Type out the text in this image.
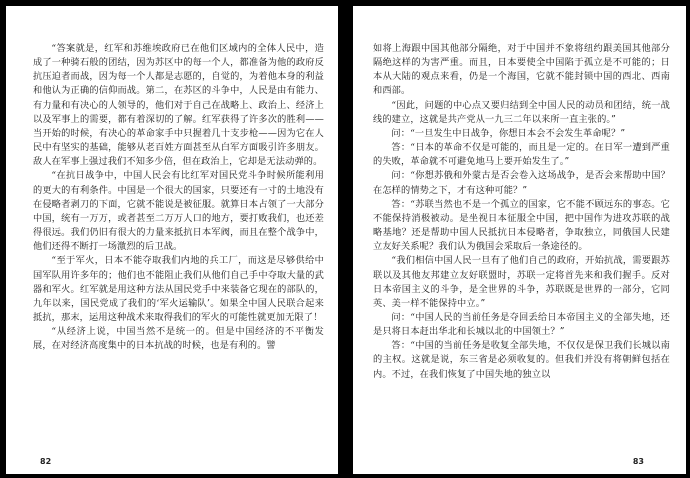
“答案就是，红军和苏维埃政府已在他们区域内的全体人民中，造成了一种骑石般的团结，因为苏区中的每一个人，都准备为他的政府反抗压迫者而战，因为每一个人都是志愿的，自觉的，为着他本身的利益和他认为正确的信仰而战。第二，在苏区的斗争中，人民是由有能力、有力量和有决心的人领导的，他们对于自己在战略上、政治上、经济上以及军事上的需要，都有着深切的了解。红军获得了许多次的胜利——当开始的时候，有决心的革命家手中只握着几十支步枪——因为它在人民中有坚实的基础，能够从老百姓方面甚至从白军方面吸引许多朋友。敌人在军事上强过我们不知多少倍，但在政治上，它却是无法动弹的。

“在抗日战争中，中国人民会有比红军对国民党斗争时候所能利用的更大的有利条件。中国是一个很大的国家，只要还有一寸的土地没有在侵略者剥刀的下面，它就不能说是被征服。就算日本占领了一大部分中国，统有一万万，或者甚至二万万人口的地方，要打败我们，也还差得很远。我们仍旧有很大的力量来抵抗日本军阀，而且在整个战争中，他们还得不断打一场激烈的后卫战。

“至于军火，日本不能夺取我们内地的兵工厂，而这是尽够供给中国军队用许多年的；他们也不能阻止我们从他们自己手中夺取大量的武器和军火。红军就是用这种方法从国民党手中来装备它现在的部队的，九年以来，国民党成了我们的‘军火运输队’。如果全中国人民联合起来抵抗，那末，运用这种战术来取得我们的军火的可能性就更加无限了！

“从经济上说，中国当然不是统一的。但是中国经济的不平衡发展，在对经济高度集中的日本抗战的时候，也是有利的。譬

82

如将上海跟中国其他部分隔绝，对于中国并不象将纽约跟美国其他部分隔绝这样的为害严重。而且，日本要使全中国陷于孤立是不可能的；日本从大陆的观点来看，仍是一个海国，它就不能封锁中国的西北、西南和西部。

“因此，问题的中心点又要归结到全中国人民的动员和团结，统一战线的建立，这就是共产党从一九三二年以来所一直主张的。”

问：“一旦发生中日战争，你想日本会不会发生革命呢？”

答：“日本的革命不仅是可能的，而且是一定的。在日军一遭到严重的失败，革命就不可避免地马上要开始发生了。”

问：“你想苏俄和外蒙古是否会卷入这场战争，是否会来帮助中国？在怎样的情势之下，才有这种可能？”

答：“苏联当然也不是一个孤立的国家，它不能不顾远东的事态。它不能保持消极被动。是坐视日本征服全中国，把中国作为进攻苏联的战略基地？还是帮助中国人民抵抗日本侵略者，争取独立，同俄国人民建立友好关系呢？我们认为俄国会采取后一条途径的。

“我们相信中国人民一旦有了他们自己的政府，开始抗战，需要跟苏联以及其他友邦建立友好联盟时，苏联一定将首先来和我们握手。反对日本帝国主义的斗争，是全世界的斗争，苏联既是世界的一部分，它同英、美一样不能保持中立。”

问：“中国人民的当前任务是夺回丢给日本帝国主义的全部失地，还是只将日本赶出华北和长城以北的中国领土？”

答：“中国的当前任务是收复全部失地，不仅仅是保卫我们长城以南的主权。这就是说，东三省是必须收复的。但我们并没有将朝鲜包括在内。不过，在我们恢复了中国失地的独立以

83
